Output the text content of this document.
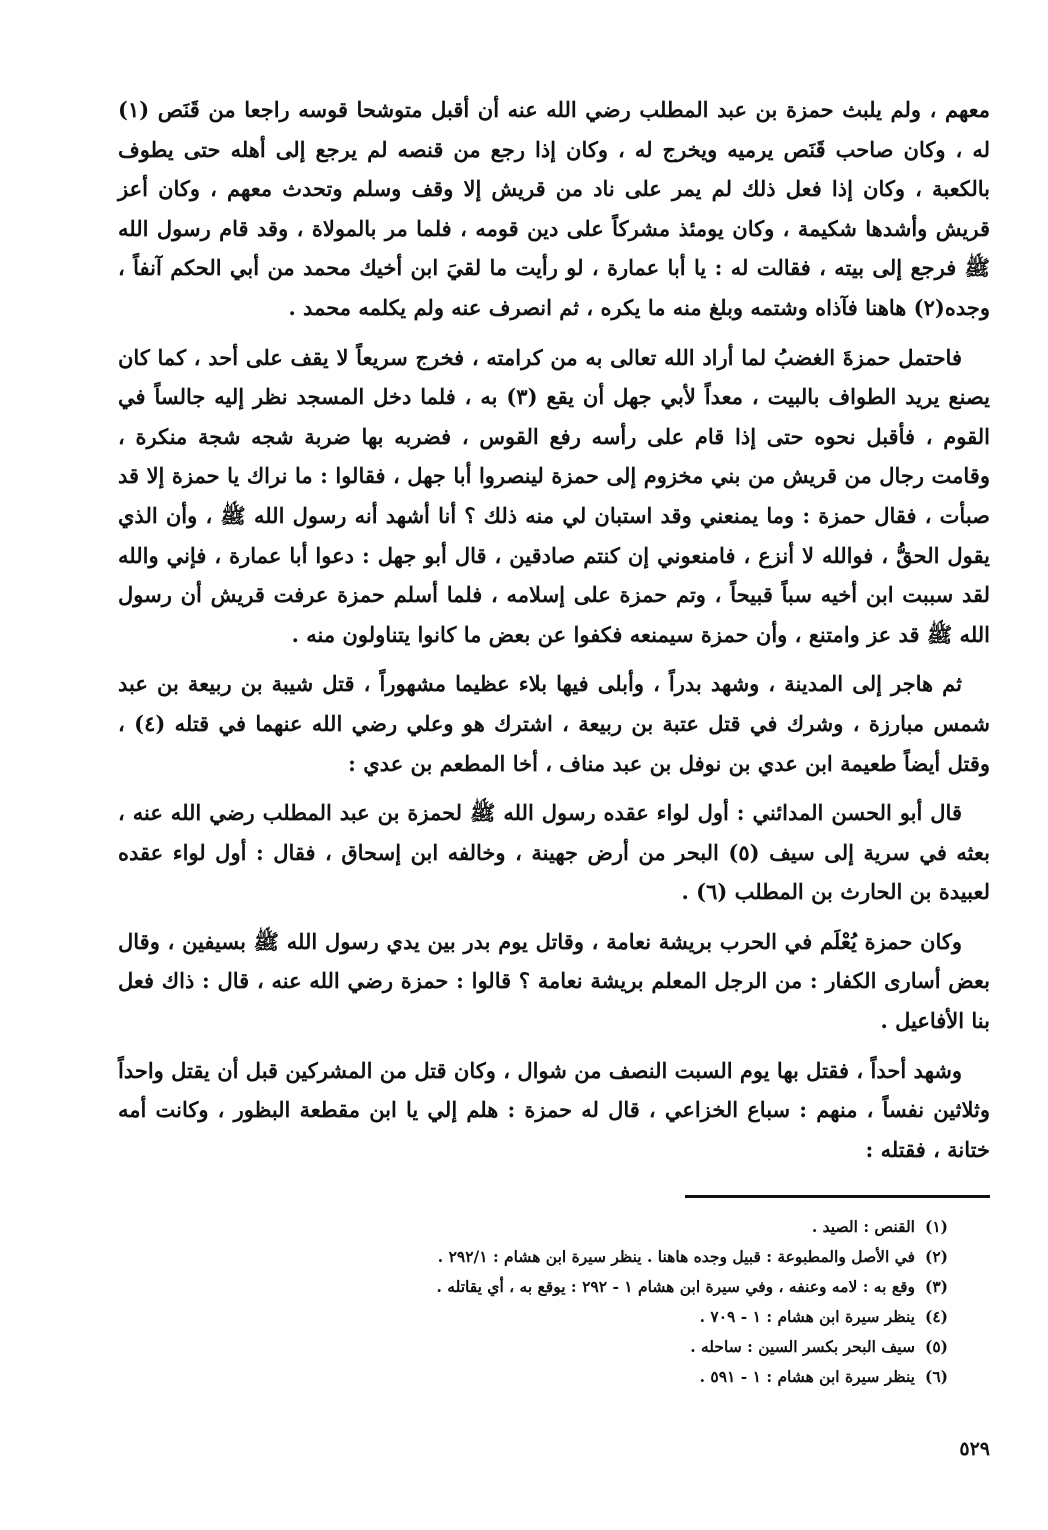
معهم ، ولم يلبث حمزة بن عبد المطلب رضي الله عنه أن أقبل متوشحا قوسه راجعا من قَنَص (١) له ، وكان صاحب قَنَص يرميه ويخرج له ، وكان إذا رجع من قنصه لم يرجع إلى أهله حتى يطوف بالكعبة ، وكان إذا فعل ذلك لم يمر على ناد من قريش إلا وقف وسلم وتحدث معهم ، وكان أعز قريش وأشدها شكيمة ، وكان يومئذ مشركاً على دين قومه ، فلما مر بالمولاة ، وقد قام رسول الله ﷺ فرجع إلى بيته ، فقالت له : يا أبا عمارة ، لو رأيت ما لقيَ ابن أخيك محمد من أبي الحكم آنفاً ، وجده(٢) هاهنا فآذاه وشتمه وبلغ منه ما يكره ، ثم انصرف عنه ولم يكلمه محمد .

فاحتمل حمزةَ الغضبُ لما أراد الله تعالى به من كرامته ، فخرج سريعاً لا يقف على أحد ، كما كان يصنع يريد الطواف بالبيت ، معداً لأبي جهل أن يقع (٣) به ، فلما دخل المسجد نظر إليه جالساً في القوم ، فأقبل نحوه حتى إذا قام على رأسه رفع القوس ، فضربه بها ضربة شجه شجة منكرة ، وقامت رجال من قريش من بني مخزوم إلى حمزة لينصروا أبا جهل ، فقالوا : ما نراك يا حمزة إلا قد صبأت ، فقال حمزة : وما يمنعني وقد استبان لي منه ذلك ؟ أنا أشهد أنه رسول الله ﷺ ، وأن الذي يقول الحقُّ ، فوالله لا أنزع ، فامنعوني إن كنتم صادقين ، قال أبو جهل : دعوا أبا عمارة ، فإني والله لقد سببت ابن أخيه سباً قبيحاً ، وتم حمزة على إسلامه ، فلما أسلم حمزة عرفت قريش أن رسول الله ﷺ قد عز وامتنع ، وأن حمزة سيمنعه فكفوا عن بعض ما كانوا يتناولون منه .

ثم هاجر إلى المدينة ، وشهد بدراً ، وأبلى فيها بلاء عظيما مشهوراً ، قتل شيبة بن ربيعة بن عبد شمس مبارزة ، وشرك في قتل عتبة بن ربيعة ، اشترك هو وعلي رضي الله عنهما في قتله (٤) ، وقتل أيضاً طعيمة ابن عدي بن نوفل بن عبد مناف ، أخا المطعم بن عدي :

قال أبو الحسن المدائني : أول لواء عقده رسول الله ﷺ لحمزة بن عبد المطلب رضي الله عنه ، بعثه في سرية إلى سيف (٥) البحر من أرض جهينة ، وخالفه ابن إسحاق ، فقال : أول لواء عقده لعبيدة بن الحارث بن المطلب (٦) .

وكان حمزة يُعْلَم في الحرب بريشة نعامة ، وقاتل يوم بدر بين يدي رسول الله ﷺ بسيفين ، وقال بعض أسارى الكفار : من الرجل المعلم بريشة نعامة ؟ قالوا : حمزة رضي الله عنه ، قال : ذاك فعل بنا الأفاعيل .

وشهد أحداً ، فقتل بها يوم السبت النصف من شوال ، وكان قتل من المشركين قبل أن يقتل واحداً وثلاثين نفساً ، منهم : سباع الخزاعي ، قال له حمزة : هلم إلي يا ابن مقطعة البظور ، وكانت أمه ختانة ، فقتله :

(١)القنص : الصيد .

(٢)في الأصل والمطبوعة : قبيل وجده هاهنا . ينظر سيرة ابن هشام : ٢٩٢/١ .

(٣)وقع به : لامه وعنفه ، وفي سيرة ابن هشام ١ - ٢٩٢ : يوقع به ، أي يقاتله .

(٤)ينظر سيرة ابن هشام : ١ - ٧٠٩ .

(٥)سيف البحر بكسر السين : ساحله .

(٦)ينظر سيرة ابن هشام : ١ - ٥٩١ .

٥٢٩
